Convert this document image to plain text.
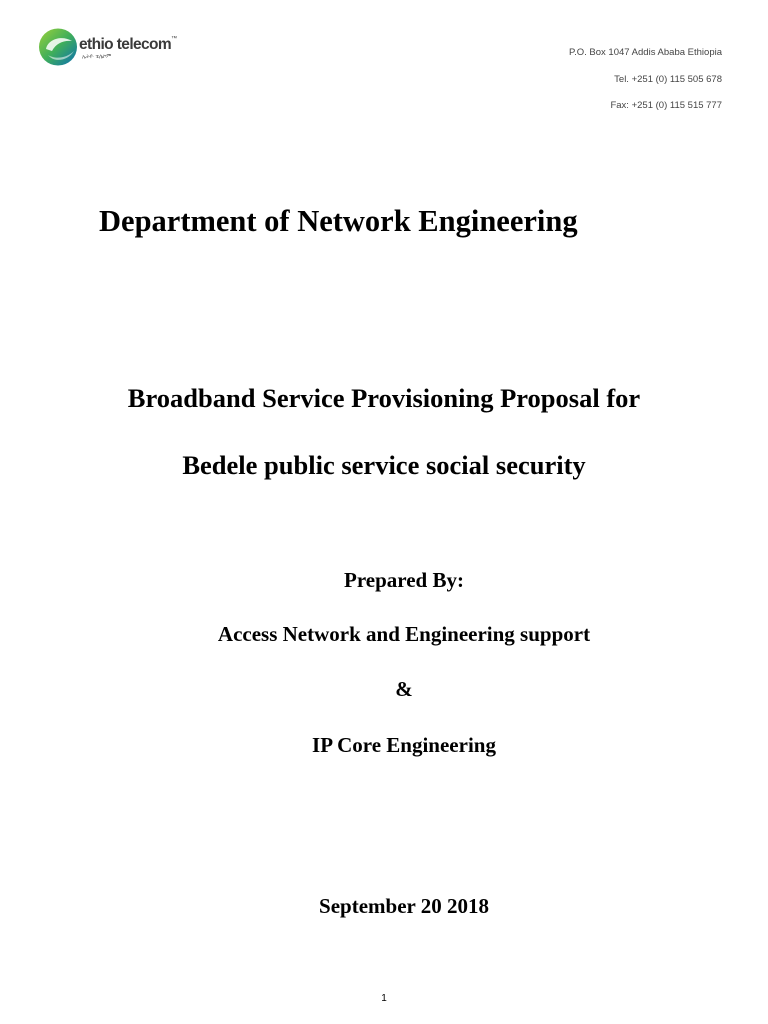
ethio telecom™
ኢትዮ ቴሌኮም	P.O. Box 1047 Addis Ababa Ethiopia
Tel. +251 (0) 115 505 678
Fax: +251 (0) 115 515 777
Department of Network Engineering
Broadband Service Provisioning Proposal for
Bedele public service social security
Prepared By:
Access Network and Engineering support
&
IP Core Engineering
September 20 2018
1
